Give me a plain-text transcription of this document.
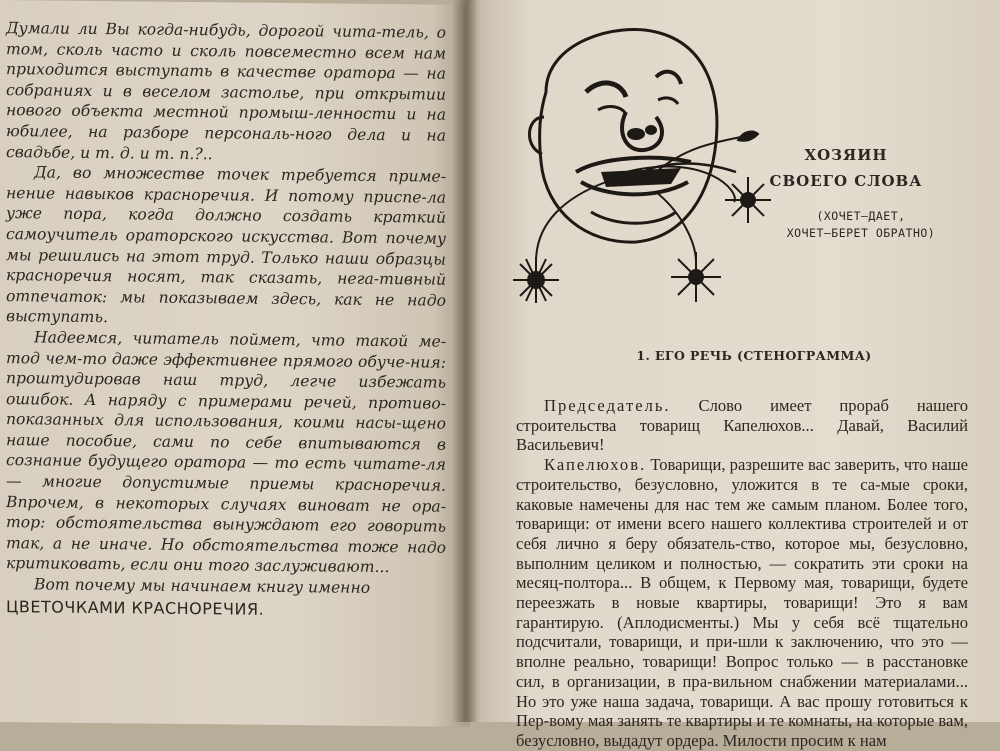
Думали ли Вы когда-нибудь, дорогой чита-тель, о том, сколь часто и сколь повсеместно всем нам приходится выступать в качестве оратора — на собраниях и в веселом застолье, при открытии нового объекта местной промыш-ленности и на юбилее, на разборе персональ-ного дела и на свадьбе, и т. д. и т. п.?..

Да, во множестве точек требуется приме-нение навыков красноречия. И потому приспе-ла уже пора, когда должно создать краткий самоучитель ораторского искусства. Вот почему мы решились на этот труд. Только наши образцы красноречия носят, так сказать, нега-тивный отпечаток: мы показываем здесь, как не надо выступать.

Надеемся, читатель поймет, что такой ме-тод чем-то даже эффективнее прямого обуче-ния: проштудировав наш труд, легче избежать ошибок. А наряду с примерами речей, противо-показанных для использования, коими насы-щено наше пособие, сами по себе впитываются в сознание будущего оратора — то есть читате-ля — многие допустимые приемы красноречия. Впрочем, в некоторых случаях виноват не ора-тор: обстоятельства вынуждают его говорить так, а не иначе. Но обстоятельства тоже надо критиковать, если они того заслуживают...

Вот почему мы начинаем книгу именно

ЦВЕТОЧКАМИ КРАСНОРЕЧИЯ.
ХОЗЯИН
СВОЕГО СЛОВА
(ХОЧЕТ—ДАЕТ,
ХОЧЕТ—БЕРЕТ ОБРАТНО)
1. ЕГО РЕЧЬ (СТЕНОГРАММА)

Председатель. Слово имеет прораб нашего строительства товарищ Капелюхов... Давай, Василий Васильевич!

Капелюхов. Товарищи, разрешите вас заверить, что наше строительство, безусловно, уложится в те са-мые сроки, каковые намечены для нас тем же самым планом. Более того, товарищи: от имени всего нашего коллектива строителей и от себя лично я беру обязатель-ство, которое мы, безусловно, выполним целиком и полностью, — сократить эти сроки на месяц-полтора... В общем, к Первому мая, товарищи, будете переезжать в новые квартиры, товарищи! Это я вам гарантирую. (Аплодисменты.) Мы у себя всё тщательно подсчитали, товарищи, и при-шли к заключению, что это — вполне реально, товарищи! Вопрос только — в расстановке сил, в организации, в пра-вильном снабжении материалами... Но это уже наша задача, товарищи. А вас прошу готовиться к Пер-вому мая занять те квартиры и те комнаты, на которые вам, безусловно, выдадут ордера. Милости просим к нам
